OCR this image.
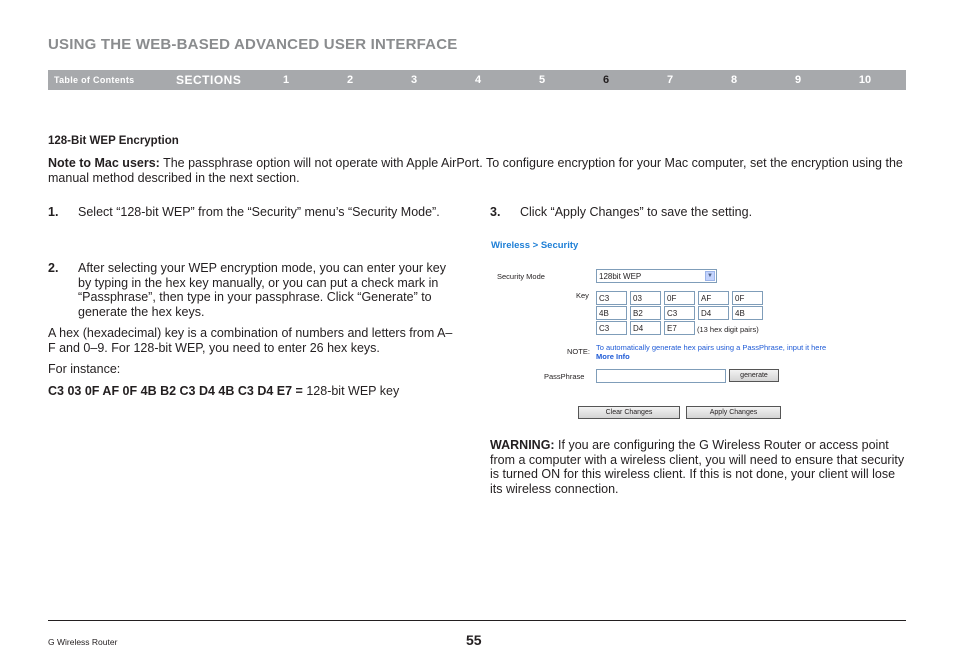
USING THE WEB-BASED ADVANCED USER INTERFACE
Table of Contents	SECTIONS	1	2	3	4	5	6	7	8	9	10
128-Bit WEP Encryption
Note to Mac users: The passphrase option will not operate with Apple AirPort. To configure encryption for your Mac computer, set the encryption using the manual method described in the next section.
1. Select “128-bit WEP” from the “Security” menu’s “Security Mode”.
2. After selecting your WEP encryption mode, you can enter your key by typing in the hex key manually, or you can put a check mark in “Passphrase”, then type in your passphrase. Click “Generate” to generate the hex keys.
A hex (hexadecimal) key is a combination of numbers and letters from A–F and 0–9. For 128-bit WEP, you need to enter 26 hex keys.
For instance:
C3 03 0F AF 0F 4B B2 C3 D4 4B C3 D4 E7 = 128-bit WEP key
3. Click “Apply Changes” to save the setting.
Wireless > Security
Security Mode	128bit WEP	▼
Key	C3	03	0F	AF	0F
4B	B2	C3	D4	4B
C3	D4	E7	(13 hex digit pairs)
NOTE: To automatically generate hex pairs using a PassPhrase, input it here
More Info
PassPhrase	generate
Clear Changes	Apply Changes
WARNING: If you are configuring the G Wireless Router or access point from a computer with a wireless client, you will need to ensure that security is turned ON for this wireless client. If this is not done, your client will lose its wireless connection.
G Wireless Router	55
